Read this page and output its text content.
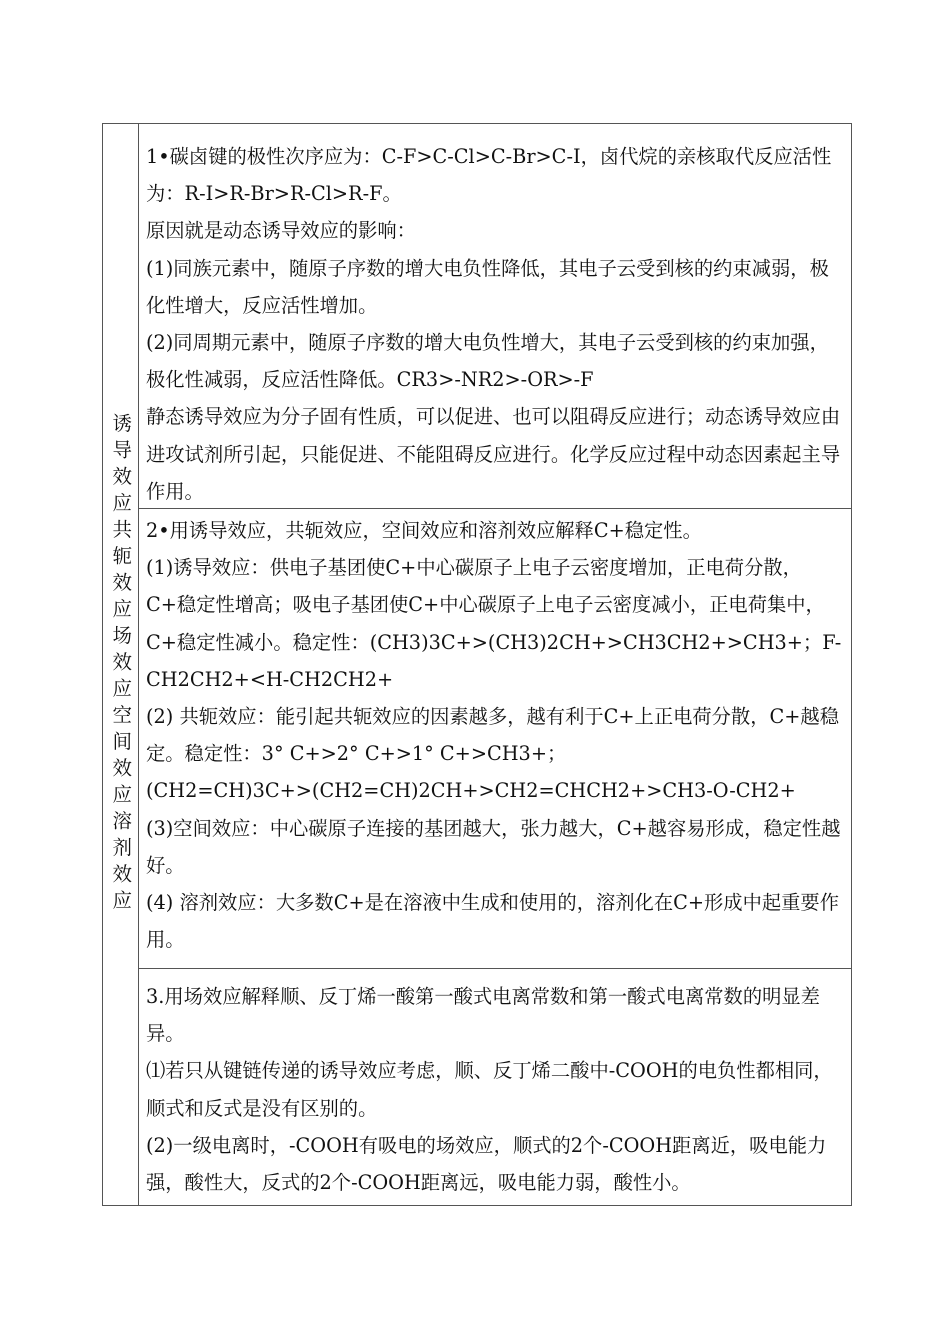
诱导效应共轭效应场效应空间效应溶剂效应

1•碳卤键的极性次序应为：C-F>C-Cl>C-Br>C-I，卤代烷的亲核取代反应活性为：R-I>R-Br>R-Cl>R-F。

原因就是动态诱导效应的影响：

(1)同族元素中，随原子序数的增大电负性降低，其电子云受到核的约束减弱，极化性增大，反应活性增加。

(2)同周期元素中，随原子序数的增大电负性增大，其电子云受到核的约束加强，极化性减弱，反应活性降低。CR3>-NR2>-OR>-F

静态诱导效应为分子固有性质，可以促进、也可以阻碍反应进行；动态诱导效应由进攻试剂所引起，只能促进、不能阻碍反应进行。化学反应过程中动态因素起主导作用。

2•用诱导效应，共轭效应，空间效应和溶剂效应解释C+稳定性。

(1)诱导效应：供电子基团使C+中心碳原子上电子云密度增加，正电荷分散，C+稳定性增高；吸电子基团使C+中心碳原子上电子云密度减小，正电荷集中，C+稳定性减小。稳定性：(CH3)3C+>(CH3)2CH+>CH3CH2+>CH3+；F-CH2CH2+<H-CH2CH2+

(2) 共轭效应：能引起共轭效应的因素越多，越有利于C+上正电荷分散，C+越稳定。稳定性：3° C+>2° C+>1° C+>CH3+；

(CH2=CH)3C+>(CH2=CH)2CH+>CH2=CHCH2+>CH3-O-CH2+

(3)空间效应：中心碳原子连接的基团越大，张力越大，C+越容易形成，稳定性越好。

(4) 溶剂效应：大多数C+是在溶液中生成和使用的，溶剂化在C+形成中起重要作用。

3.用场效应解释顺、反丁烯一酸第一酸式电离常数和第一酸式电离常数的明显差异。

⑴若只从键链传递的诱导效应考虑，顺、反丁烯二酸中-COOH的电负性都相同，顺式和反式是没有区别的。

(2)一级电离时，-COOH有吸电的场效应，顺式的2个-COOH距离近，吸电能力强，酸性大，反式的2个-COOH距离远，吸电能力弱，酸性小。
